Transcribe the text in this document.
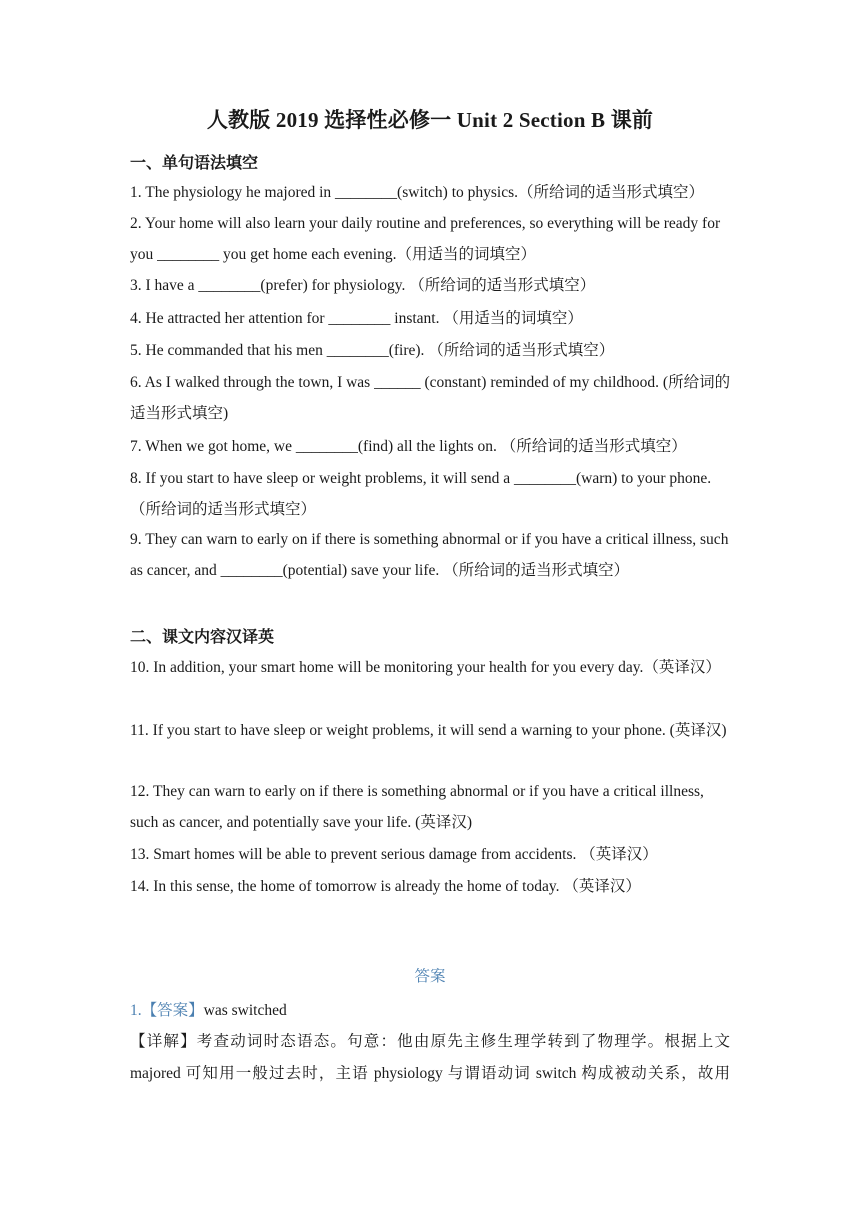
人教版 2019 选择性必修一 Unit 2 Section B 课前
一、单句语法填空
1. The physiology he majored in ________(switch) to physics.（所给词的适当形式填空）
2. Your home will also learn your daily routine and preferences, so everything will be ready for you ________ you get home each evening.（用适当的词填空）
3. I have a ________(prefer) for physiology. （所给词的适当形式填空）
4. He attracted her attention for ________ instant. （用适当的词填空）
5. He commanded that his men ________(fire). （所给词的适当形式填空）
6. As I walked through the town, I was ______ (constant) reminded of my childhood. (所给词的适当形式填空)
7. When we got home, we ________(find) all the lights on. （所给词的适当形式填空）
8. If you start to have sleep or weight problems, it will send a ________(warn) to your phone. （所给词的适当形式填空）
9. They can warn to early on if there is something abnormal or if you have a critical illness, such as cancer, and ________(potential) save your life. （所给词的适当形式填空）
二、课文内容汉译英
10. In addition, your smart home will be monitoring your health for you every day.（英译汉）
11. If you start to have sleep or weight problems, it will send a warning to your phone. (英译汉)
12. They can warn to early on if there is something abnormal or if you have a critical illness, such as cancer, and potentially save your life. (英译汉)
13. Smart homes will be able to prevent serious damage from accidents. （英译汉）
14. In this sense, the home of tomorrow is already the home of today. （英译汉）
答案
1.【答案】was switched
【详解】考查动词时态语态。句意：他由原先主修生理学转到了物理学。根据上文 majored 可知用一般过去时，主语 physiology 与谓语动词 switch 构成被动关系，故用
